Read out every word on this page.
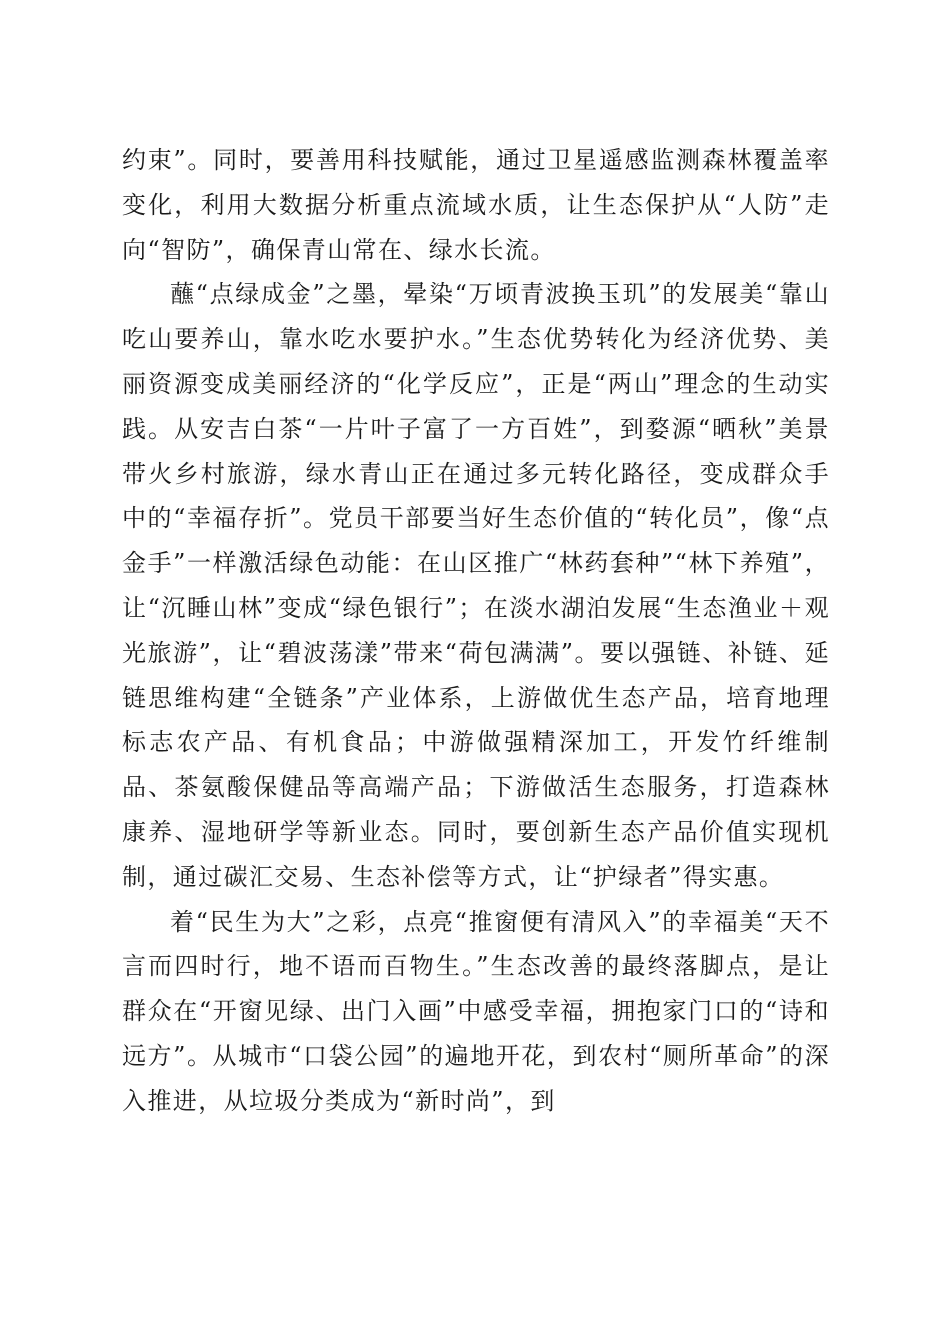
约束”。同时，要善用科技赋能，通过卫星遥感监测森林覆盖率变化，利用大数据分析重点流域水质，让生态保护从“人防”走向“智防”，确保青山常在、绿水长流。

蘸“点绿成金”之墨，晕染“万顷青波换玉玑”的发展美“靠山吃山要养山，靠水吃水要护水。”生态优势转化为经济优势、美丽资源变成美丽经济的“化学反应”，正是“两山”理念的生动实践。从安吉白茶“一片叶子富了一方百姓”，到婺源“晒秋”美景带火乡村旅游，绿水青山正在通过多元转化路径，变成群众手中的“幸福存折”。党员干部要当好生态价值的“转化员”，像“点金手”一样激活绿色动能：在山区推广“林药套种”“林下养殖”，让“沉睡山林”变成“绿色银行”；在淡水湖泊发展“生态渔业＋观光旅游”，让“碧波荡漾”带来“荷包满满”。要以强链、补链、延链思维构建“全链条”产业体系，上游做优生态产品，培育地理标志农产品、有机食品；中游做强精深加工，开发竹纤维制品、茶氨酸保健品等高端产品；下游做活生态服务，打造森林康养、湿地研学等新业态。同时，要创新生态产品价值实现机制，通过碳汇交易、生态补偿等方式，让“护绿者”得实惠。

着“民生为大”之彩，点亮“推窗便有清风入”的幸福美“天不言而四时行，地不语而百物生。”生态改善的最终落脚点，是让群众在“开窗见绿、出门入画”中感受幸福，拥抱家门口的“诗和远方”。从城市“口袋公园”的遍地开花，到农村“厕所革命”的深入推进，从垃圾分类成为“新时尚”，到
